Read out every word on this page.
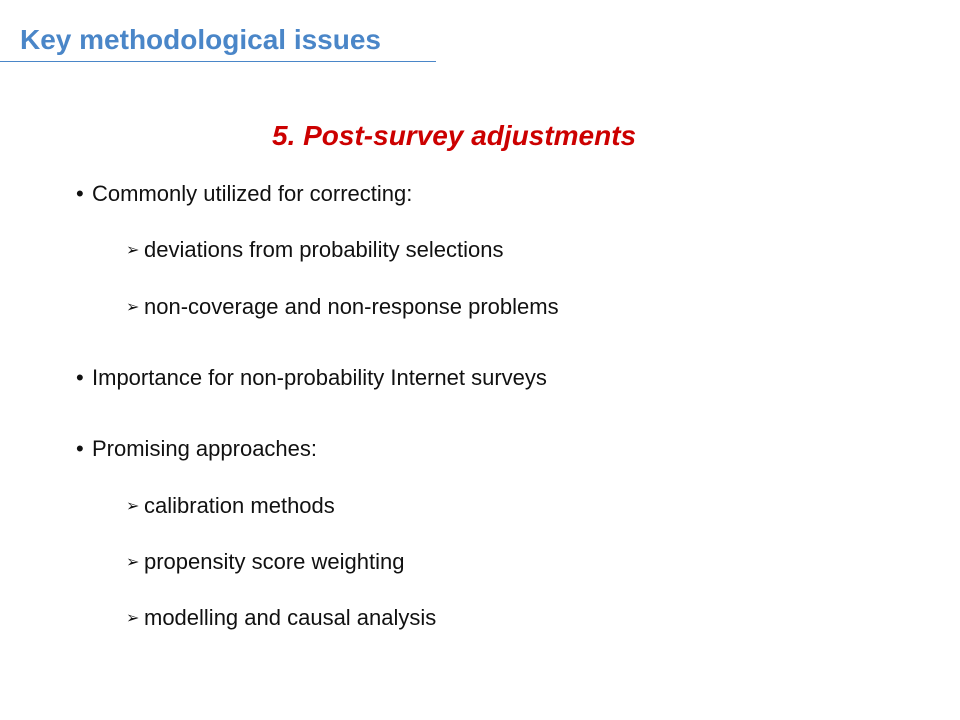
Key methodological issues
5. Post-survey adjustments
• Commonly utilized for correcting:
➢ deviations from probability selections
➢ non-coverage and non-response problems
• Importance for non-probability Internet surveys
• Promising approaches:
➢ calibration methods
➢ propensity score weighting
➢ modelling and causal analysis
